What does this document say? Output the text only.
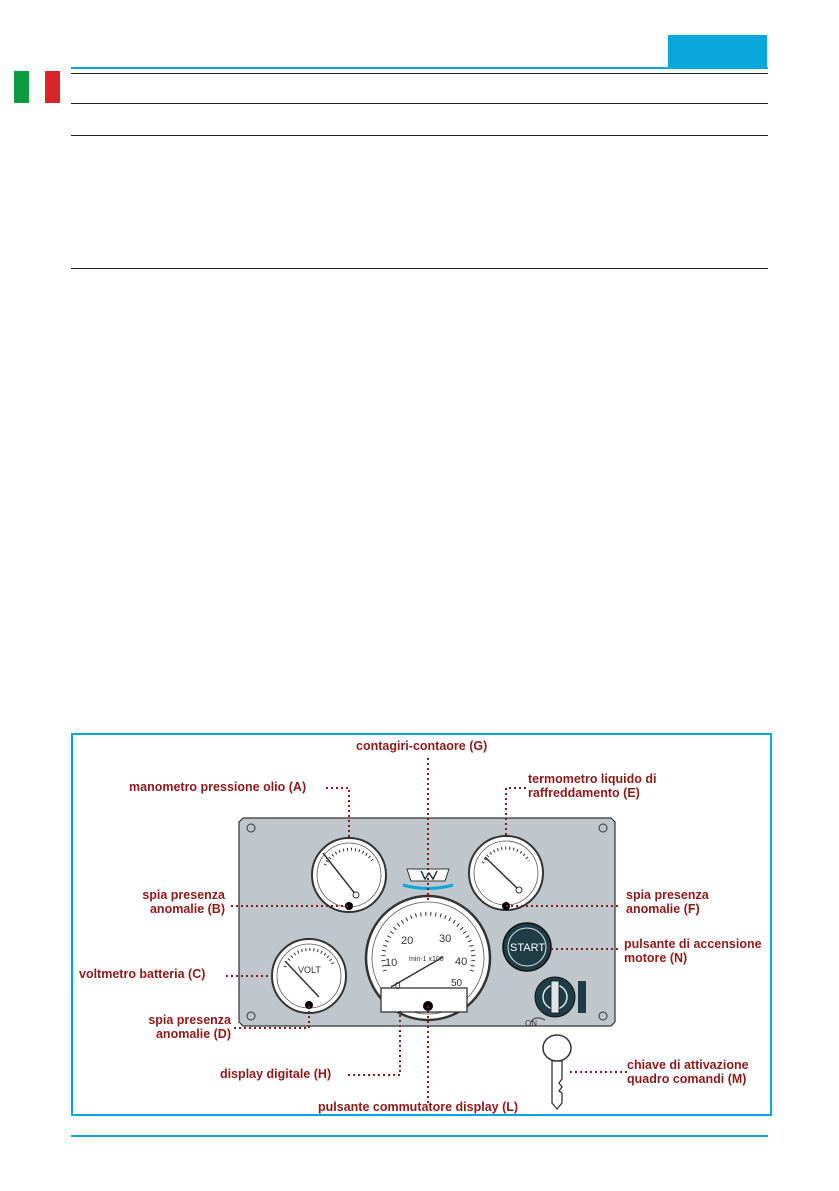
0
10
20 30
40
50
min-1 x100
VOLT
START
ON
contagiri-contaore (G)
manometro pressione olio (A)
termometro liquido di
raffreddamento (E)
spia presenza
anomalie (B)
spia presenza
anomalie (F)
voltmetro batteria (C)
pulsante di accensione
motore (N)
spia presenza
anomalie (D)
display digitale (H)
chiave di attivazione
quadro comandi (M)
pulsante commutatore display (L)
